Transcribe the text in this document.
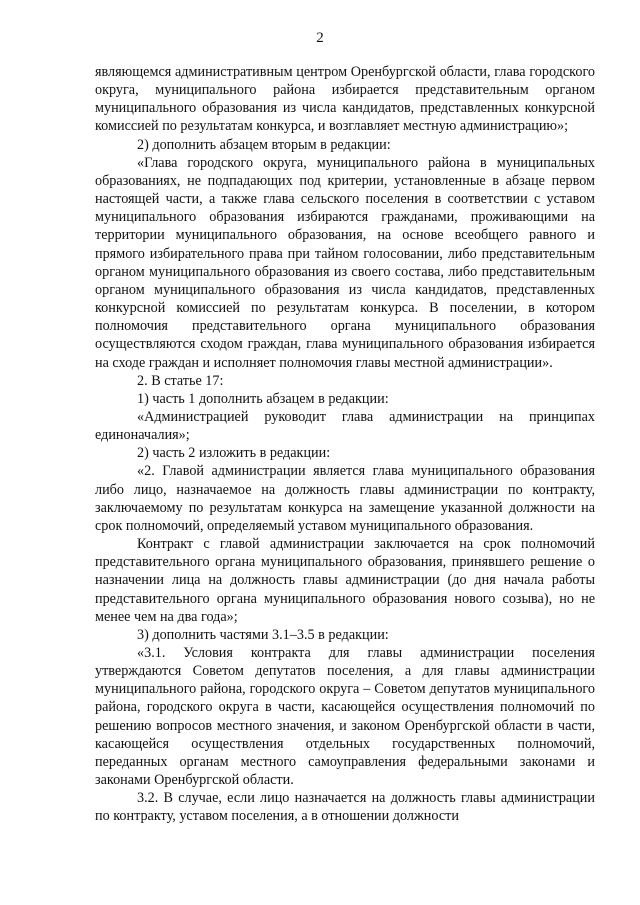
2

являющемся административным центром Оренбургской области, глава городского округа, муниципального района избирается представительным органом муниципального образования из числа кандидатов, представленных конкурсной комиссией по результатам конкурса, и возглавляет местную администрацию»;

2) дополнить абзацем вторым в редакции:

«Глава городского округа, муниципального района в муниципальных образованиях, не подпадающих под критерии, установленные в абзаце первом настоящей части, а также глава сельского поселения в соответствии с уставом муниципального образования избираются гражданами, проживающими на территории муниципального образования, на основе всеобщего равного и прямого избирательного права при тайном голосовании, либо представительным органом муниципального образования из своего состава, либо представительным органом муниципального образования из числа кандидатов, представленных конкурсной комиссией по результатам конкурса. В поселении, в котором полномочия представительного органа муниципального образования осуществляются сходом граждан, глава муниципального образования избирается на сходе граждан и исполняет полномочия главы местной администрации».

2. В статье 17:

1) часть 1 дополнить абзацем в редакции:

«Администрацией руководит глава администрации на принципах единоначалия»;

2) часть 2 изложить в редакции:

«2. Главой администрации является глава муниципального образования либо лицо, назначаемое на должность главы администрации по контракту, заключаемому по результатам конкурса на замещение указанной должности на срок полномочий, определяемый уставом муниципального образования.

Контракт с главой администрации заключается на срок полномочий представительного органа муниципального образования, принявшего решение о назначении лица на должность главы администрации (до дня начала работы представительного органа муниципального образования нового созыва), но не менее чем на два года»;

3) дополнить частями 3.1–3.5 в редакции:

«3.1. Условия контракта для главы администрации поселения утверждаются Советом депутатов поселения, а для главы администрации муниципального района, городского округа – Советом депутатов муниципального района, городского округа в части, касающейся осуществления полномочий по решению вопросов местного значения, и законом Оренбургской области в части, касающейся осуществления отдельных государственных полномочий, переданных органам местного самоуправления федеральными законами и законами Оренбургской области.

3.2. В случае, если лицо назначается на должность главы администрации по контракту, уставом поселения, а в отношении должности
